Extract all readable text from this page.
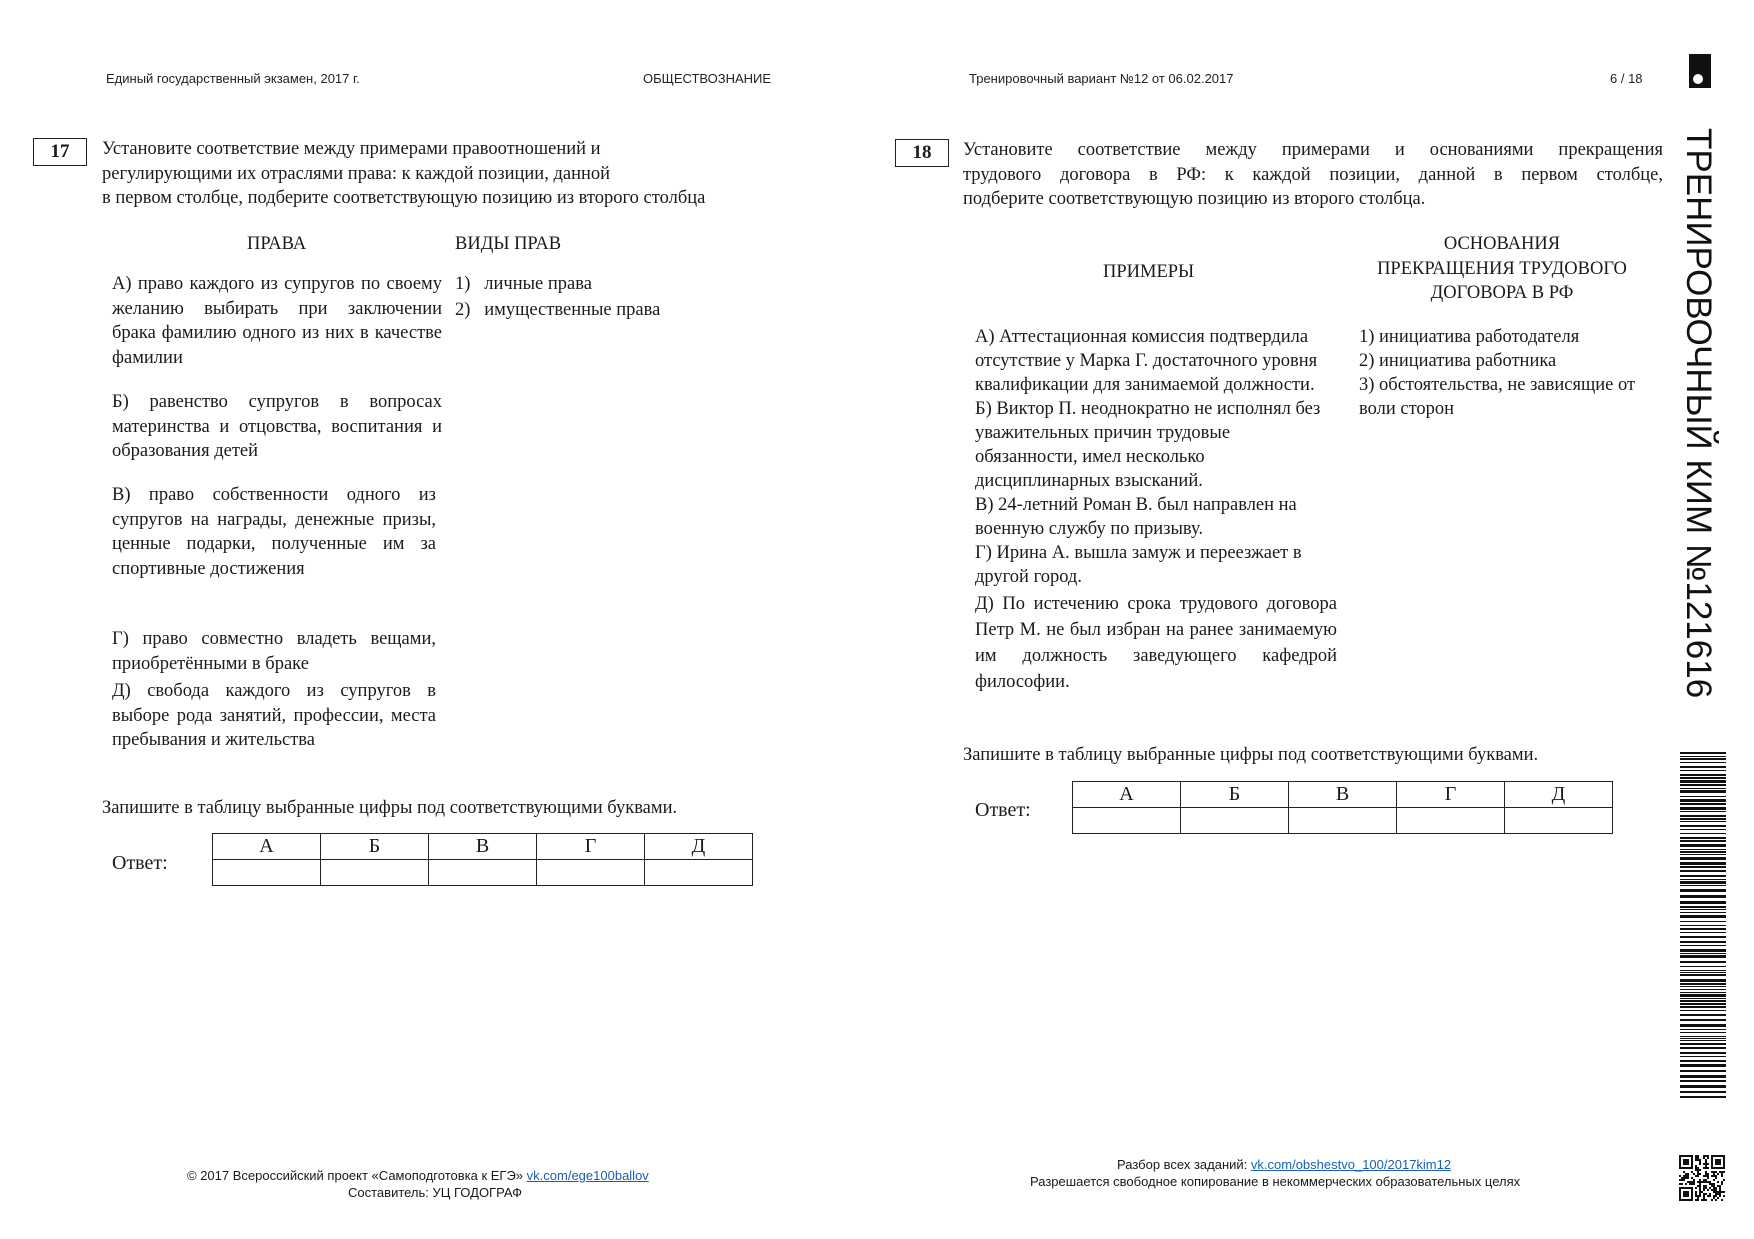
Единый государственный экзамен, 2017 г.	ОБЩЕСТВОЗНАНИЕ	Тренировочный вариант №12 от 06.02.2017	6 / 18
ТРЕНИРОВОЧНЫЙ КИМ №121616
17	Установите соответствие между примерами правоотношений и
регулирующими их отраслями права: к каждой позиции, данной
в первом столбце, подберите соответствующую позицию из второго столбца
ПРАВА	ВИДЫ ПРАВ
А) право каждого из супругов по своему желанию выбирать при заключении брака фамилию одного из них в качестве фамилии
Б) равенство супругов в вопросах материнства и отцовства, воспитания и образования детей
В) право собственности одного из супругов на награды, денежные призы, ценные подарки, полученные им за спортивные достижения
Г) право совместно владеть вещами, приобретёнными в браке
Д) свобода каждого из супругов в выборе рода занятий, профессии, места пребывания и жительства
1)   личные права
2)   имущественные права
Запишите в таблицу выбранные цифры под соответствующими буквами.
Ответ:
А	Б	В	Г	Д

18	Установите соответствие между примерами и основаниями прекращения
трудового договора в РФ: к каждой позиции, данной в первом столбце,
подберите соответствующую позицию из второго столбца.
ПРИМЕРЫ
ОСНОВАНИЯ
ПРЕКРАЩЕНИЯ ТРУДОВОГО
ДОГОВОРА В РФ

А) Аттестационная комиссия подтвердила отсутствие у Марка Г. достаточного уровня квалификации для занимаемой должности.

Б) Виктор П. неоднократно не исполнял без уважительных причин трудовые обязанности, имел несколько дисциплинарных взысканий.

В) 24-летний Роман В. был направлен на военную службу по призыву.

Г) Ирина А. вышла замуж и переезжает в другой город.

Д) По истечению срока трудового договора Петр М. не был избран на ранее занимаемую им должность заведующего кафедрой философии.

1) инициатива работодателя

2) инициатива работника

3) обстоятельства, не зависящие от воли сторон

Запишите в таблицу выбранные цифры под соответствующими буквами.
Ответ:
А	Б	В	Г	Д

© 2017 Всероссийский проект «Самоподготовка к ЕГЭ» vk.com/ege100ballov
Составитель: УЦ ГОДОГРАФ
Разбор всех заданий: vk.com/obshestvo_100/2017kim12
Разрешается свободное копирование в некоммерческих образовательных целях
